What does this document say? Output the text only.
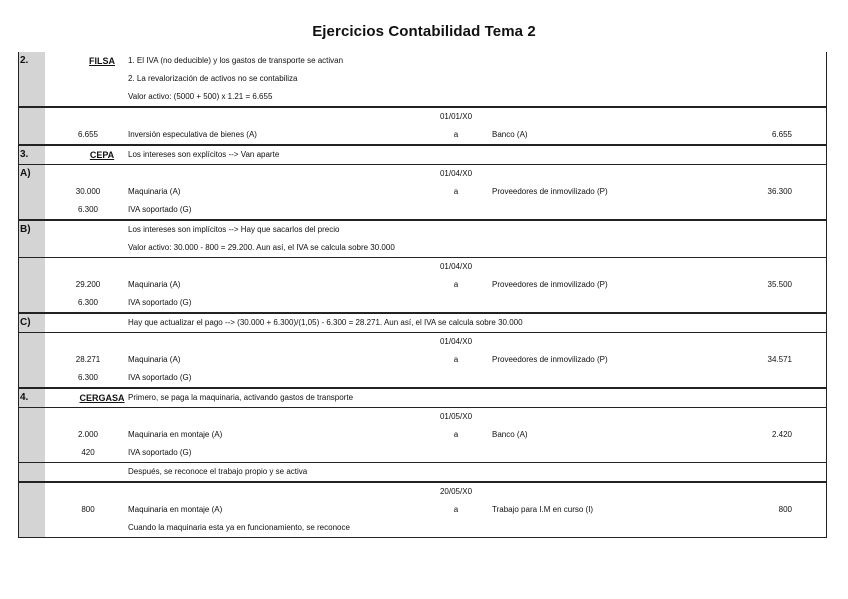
Ejercicios Contabilidad Tema 2
2.	FILSA	1. El IVA (no deducible) y los gastos de transporte se activan
2. La revalorización de activos no se contabiliza
Valor activo: (5000 + 500) x 1.21 = 6.655
01/01/X0
6.655	Inversión especulativa de bienes (A)	a	Banco (A)	6.655
3.	CEPA	Los intereses son explícitos --> Van aparte
A)	01/04/X0
30.000	Maquinaria (A)	a	Proveedores de inmovilizado (P)	36.300
6.300	IVA soportado (G)
B)	Los intereses son implícitos --> Hay que sacarlos del precio
Valor activo: 30.000 - 800 = 29.200. Aun así, el IVA se calcula sobre 30.000
01/04/X0
29.200	Maquinaria (A)	a	Proveedores de inmovilizado (P)	35.500
6.300	IVA soportado (G)
C)	Hay que actualizar el pago --> (30.000 + 6.300)/(1,05) - 6.300 = 28.271. Aun así, el IVA se calcula sobre 30.000
01/04/X0
28.271	Maquinaria (A)	a	Proveedores de inmovilizado (P)	34.571
6.300	IVA soportado (G)
4.	CERGASA Primero, se paga la maquinaria, activando gastos de transporte
01/05/X0
2.000	Maquinaria en montaje (A)	a	Banco (A)	2.420
420	IVA soportado (G)
Después, se reconoce el trabajo propio y se activa
20/05/X0
800	Maquinaria en montaje (A)	a	Trabajo para I.M en curso (I)	800
Cuando la maquinaria esta ya en funcionamiento, se reconoce
